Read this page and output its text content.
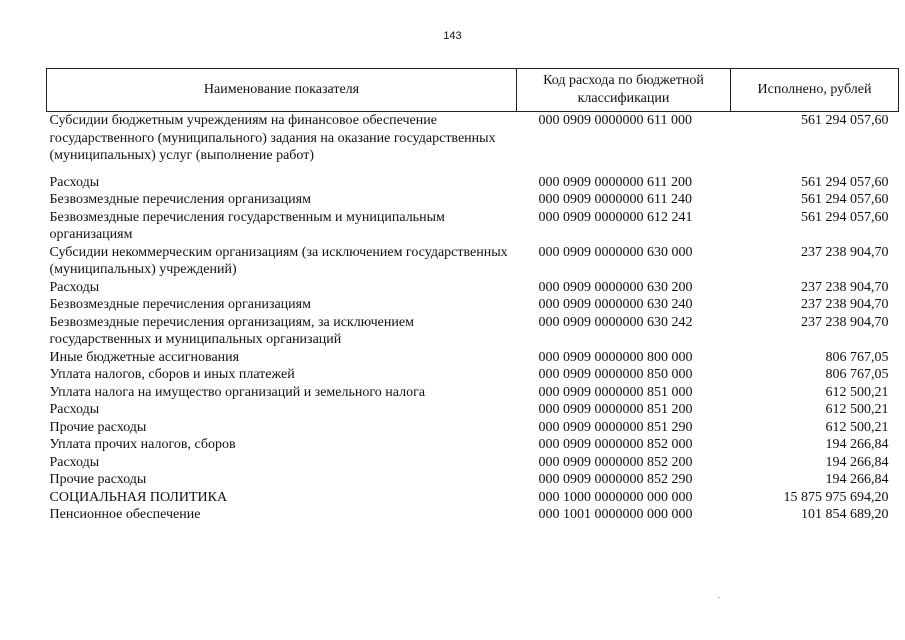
143
Наименование показателя	Код расхода по бюджетной классификации	Исполнено, рублей
Субсидии бюджетным учреждениям на финансовое обеспечение государственного (муниципального) задания на оказание государственных (муниципальных) услуг (выполнение работ)	000 0909 0000000 611 000	561 294 057,60
Расходы	000 0909 0000000 611 200	561 294 057,60
Безвозмездные перечисления организациям	000 0909 0000000 611 240	561 294 057,60
Безвозмездные перечисления государственным и муниципальным организациям	000 0909 0000000 612 241	561 294 057,60
Субсидии некоммерческим организациям (за исключением государственных (муниципальных) учреждений)	000 0909 0000000 630 000	237 238 904,70
Расходы	000 0909 0000000 630 200	237 238 904,70
Безвозмездные перечисления организациям	000 0909 0000000 630 240	237 238 904,70
Безвозмездные перечисления организациям, за исключением государственных и муниципальных организаций	000 0909 0000000 630 242	237 238 904,70
Иные бюджетные ассигнования	000 0909 0000000 800 000	806 767,05
Уплата налогов, сборов и иных платежей	000 0909 0000000 850 000	806 767,05
Уплата налога на имущество организаций и земельного налога	000 0909 0000000 851 000	612 500,21
Расходы	000 0909 0000000 851 200	612 500,21
Прочие расходы	000 0909 0000000 851 290	612 500,21
Уплата прочих налогов, сборов	000 0909 0000000 852 000	194 266,84
Расходы	000 0909 0000000 852 200	194 266,84
Прочие расходы	000 0909 0000000 852 290	194 266,84
СОЦИАЛЬНАЯ ПОЛИТИКА	000 1000 0000000 000 000	15 875 975 694,20
Пенсионное обеспечение	000 1001 0000000 000 000	101 854 689,20
